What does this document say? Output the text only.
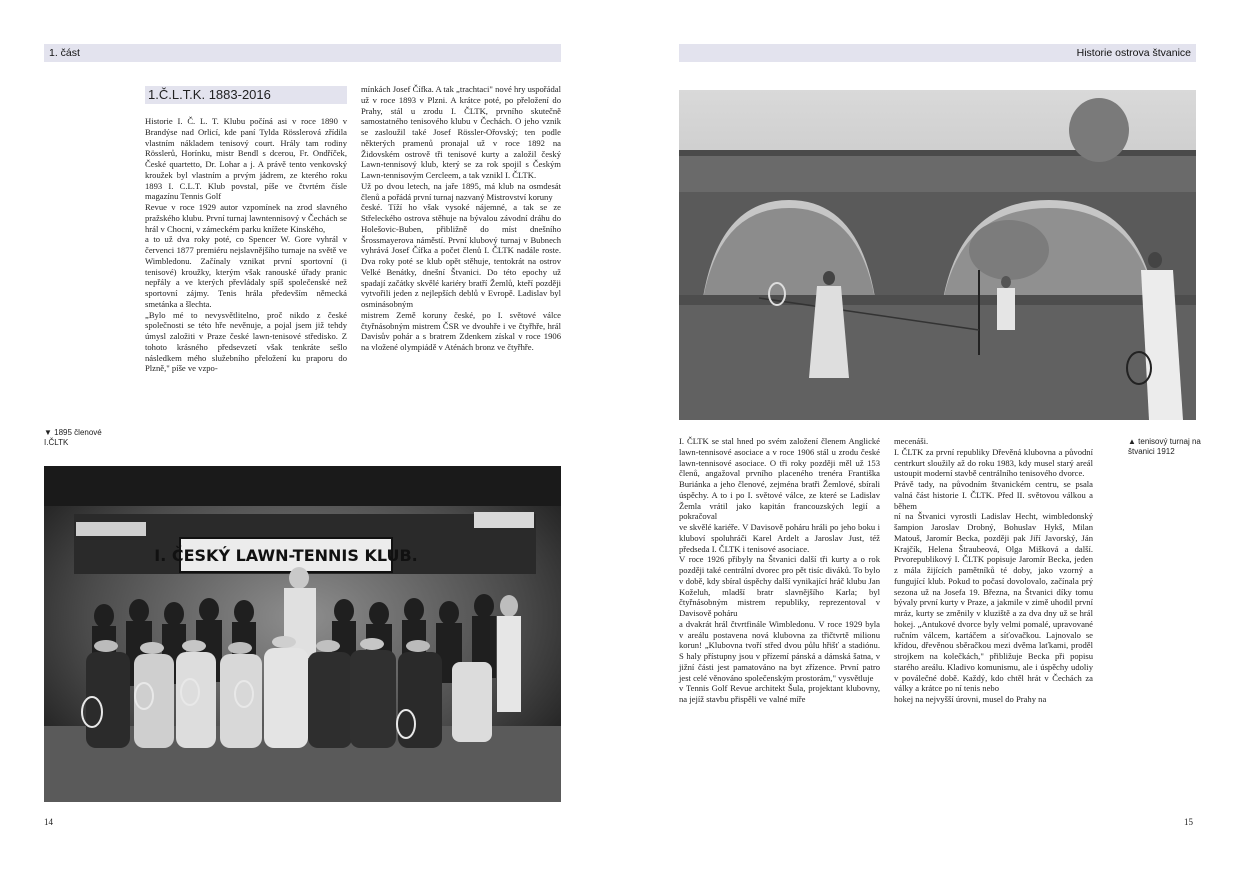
1. část	Historie ostrova štvanice
1.Č.L.T.K. 1883-2016

Historie I. Č. L. T. Klubu počíná asi v roce 1890 v Brandýse nad Orlicí, kde paní Tylda Rösslerová zřídila vlastním nákladem tenisový court. Hrály tam rodiny Rösslerů, Horínku, mistr Bendl s dcerou, Fr. Ondříček, České quartetto, Dr. Lohar a j. A právě tento venkovský kroužek byl vlastním a prvým jádrem, ze kterého roku 1893 I. C.L.T. Klub povstal, píše ve čtvrtém čísle magazínu Tennis Golf

Revue v roce 1929 autor vzpomínek na zrod slavného pražského klubu. První turnaj lawntennisový v Čechách se hrál v Chocni, v zámeckém parku knížete Kinského,

a to už dva roky poté, co Spencer W. Gore vyhrál v červenci 1877 premiéru nejslavnějšího turnaje na světě ve Wimbledonu. Začínaly vznikat první sportovní (i tenisové) kroužky, kterým však ranouské úřady pranic nepřály a ve kterých převládaly spíš společenské než sportovní zájmy. Tenis hrála především německá smetánka a šlechta.

„Bylo mé to nevysvětlitelno, proč nikdo z české společnosti se této hře nevěnuje, a pojal jsem již tehdy úmysl založiti v Praze české lawn-tenisové středisko. Z tohoto krásného předsevzetí však tenkráte sešlo následkem mého služebního přeložení ku praporu do Plzně," píše ve vzpo-

mínkách Josef Čífka. A tak „trachtaci" nové hry uspořádal už v roce 1893 v Plzni. A krátce poté, po přeložení do Prahy, stál u zrodu I. ČLTK, prvního skutečně samostatného tenisového klubu v Čechách. O jeho vznik se zasloužil také Josef Rössler-Ořovský; ten podle některých pramenů pronajal už v roce 1892 na Židovském ostrově tři tenisové kurty a založil český Lawn-tennisový klub, který se za rok spojil s Českým Lawn-tennisovým Cercleem, a tak vznikl I. ČLTK.

Už po dvou letech, na jaře 1895, má klub na osmdesát členů a pořádá první turnaj nazvaný Mistrovství koruny

české. Tíží ho však vysoké nájemné, a tak se ze Střeleckého ostrova stěhuje na bývalou závodní dráhu do Holešovic-Buben, přibližně do míst dnešního Šrossmayerova náměstí. První klubový turnaj v Bubnech vyhrává Josef Čífka a počet členů I. ČLTK nadále roste. Dva roky poté se klub opět stěhuje, tentokrát na ostrov Velké Benátky, dnešní Štvanici. Do této epochy už spadají začátky skvělé kariéry bratří Žemlů, kteří později vytvořili jeden z nejlepších deblů v Evropě. Ladislav byl osminásobným

mistrem Země koruny české, po I. světové válce čtyřnásobným mistrem ČSR ve dvouhře i ve čtyřhře, hrál Davisův pohár a s bratrem Zdenkem získal v roce 1906 na vložené olympiádě v Aténách bronz ve čtyřhře.

▼ 1895 členové I.ČLTK
I. ČESKÝ LAWN-TENNIS KLUB.
▲ tenisový turnaj na štvanici 1912

I. ČLTK se stal hned po svém založení členem Anglické lawn-tennisové asociace a v roce 1906 stál u zrodu české lawn-tennisové asociace. O tři roky později měl už 153 členů, angažoval prvního placeného trenéra Františka Buriánka a jeho členové, zejména bratři Žemlové, sbírali úspěchy. A to i po I. světové válce, ze které se Ladislav Žemla vrátil jako kapitán francouzských legií a pokračoval

ve skvělé kariéře. V Davisově poháru hráli po jeho boku i kluboví spoluhráči Karel Ardelt a Jaroslav Just, též předseda I. ČLTK i tenisové asociace.

V roce 1926 přibyly na Štvanici další tři kurty a o rok později také centrální dvorec pro pět tisíc diváků. To bylo v době, kdy sbíral úspěchy další vynikající hráč klubu Jan Koželuh, mladší bratr slavnějšího Karla; byl čtyřnásobným mistrem republiky, reprezentoval v Davisově poháru

a dvakrát hrál čtvrtfinále Wimbledonu. V roce 1929 byla v areálu postavena nová klubovna za třičtvrtě milionu korun! „Klubovna tvoří střed dvou půlu hřišť a stadiónu. S haly přístupny jsou v přízemí pánská a dámská šatna, v jižní části jest pamatováno na byt zřízence. První patro jest celé věnováno společenským prostorám," vysvětluje

v Tennis Golf Revue architekt Šula, projektant klubovny, na jejíž stavbu přispěli ve valné míře

mecenáši.

I. ČLTK za první republiky Dřevěná klubovna a původní centrkurt sloužily až do roku 1983, kdy musel starý areál ustoupit moderní stavbě centrálního tenisového dvorce.

Právě tady, na původním štvanickém centru, se psala valná část historie I. ČLTK. Před II. světovou válkou a během

ní na Štvanici vyrostli Ladislav Hecht, wimbledonský šampion Jaroslav Drobný, Bohuslav Hykš, Milan Matouš, Jaromír Becka, později pak Jiří Javorský, Ján Krajčík, Helena Štraubeová, Olga Mišková a další. Prvorepublikový I. ČLTK popisuje Jaromír Becka, jeden z mála žijících pamětníků té doby, jako vzorný a fungující klub. Pokud to počasí dovolovalo, začínala prý sezona už na Josefa 19. Března, na Štvanici díky tomu bývaly první kurty v Praze, a jakmile v zimě uhodil první mráz, kurty se změnily v kluziště a za dva dny už se hrál hokej. „Antukové dvorce byly velmi pomalé, upravované ručním válcem, kartáčem a síťovačkou. Lajnovalo se křídou, dřevěnou sběračkou mezi dvěma laťkami, proděl strojkem na kolečkách," přibližuje Becka při popisu starého areálu. Kladivo komunismu, ale i úspěchy udoliy v poválečné době. Každý, kdo chtěl hrát v Čechách za války a krátce po ní tenis nebo

hokej na nejvyšší úrovni, musel do Prahy na

14	15
